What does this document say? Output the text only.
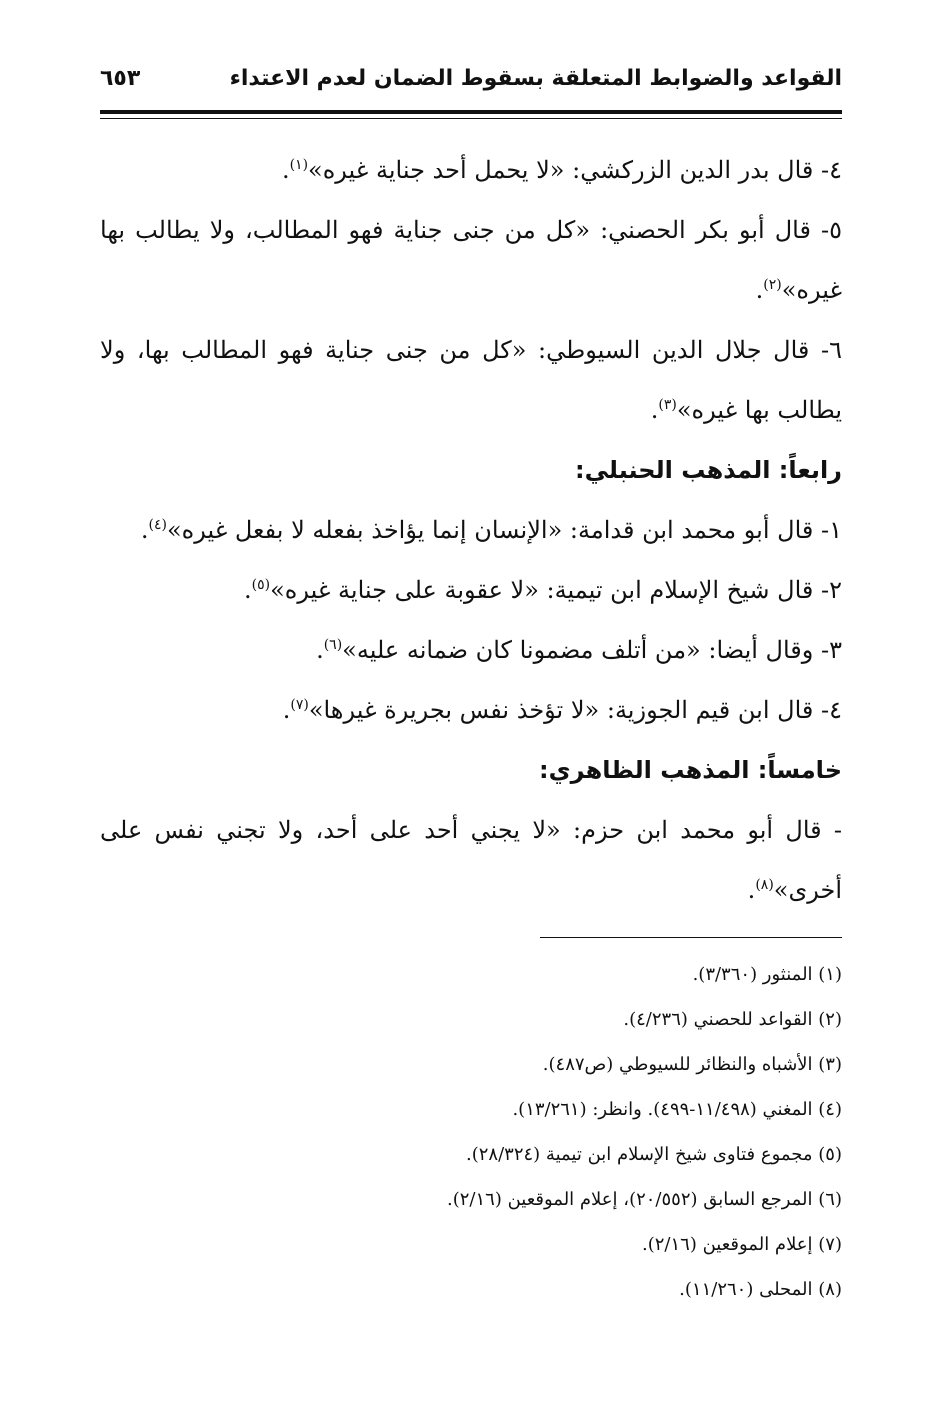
القواعد والضوابط المتعلقة بسقوط الضمان لعدم الاعتداء
٦٥٣

٤- قال بدر الدين الزركشي: «لا يحمل أحد جناية غيره»$^{(١)}$.

٥- قال أبو بكر الحصني: «كل من جنى جناية فهو المطالب، ولا يطالب بها غيره»$^{(٢)}$.

٦- قال جلال الدين السيوطي: «كل من جنى جناية فهو المطالب بها، ولا يطالب بها غيره»$^{(٣)}$.

رابعاً: المذهب الحنبلي:

١- قال أبو محمد ابن قدامة: «الإنسان إنما يؤاخذ بفعله لا بفعل غيره»$^{(٤)}$.

٢- قال شيخ الإسلام ابن تيمية: «لا عقوبة على جناية غيره»$^{(٥)}$.

٣- وقال أيضا: «من أتلف مضمونا كان ضمانه عليه»$^{(٦)}$.

٤- قال ابن قيم الجوزية: «لا تؤخذ نفس بجريرة غيرها»$^{(٧)}$.

خامساً: المذهب الظاهري:

- قال أبو محمد ابن حزم: «لا يجني أحد على أحد، ولا تجني نفس على أخرى»$^{(٨)}$.

(١) المنثور (٣/٣٦٠).

(٢) القواعد للحصني (٤/٢٣٦).

(٣) الأشباه والنظائر للسيوطي (ص٤٨٧).

(٤) المغني (١١/٤٩٨-٤٩٩). وانظر: (١٣/٢٦١).

(٥) مجموع فتاوى شيخ الإسلام ابن تيمية (٢٨/٣٢٤).

(٦) المرجع السابق (٢٠/٥٥٢)، إعلام الموقعين (٢/١٦).

(٧) إعلام الموقعين (٢/١٦).

(٨) المحلى (١١/٢٦٠).
